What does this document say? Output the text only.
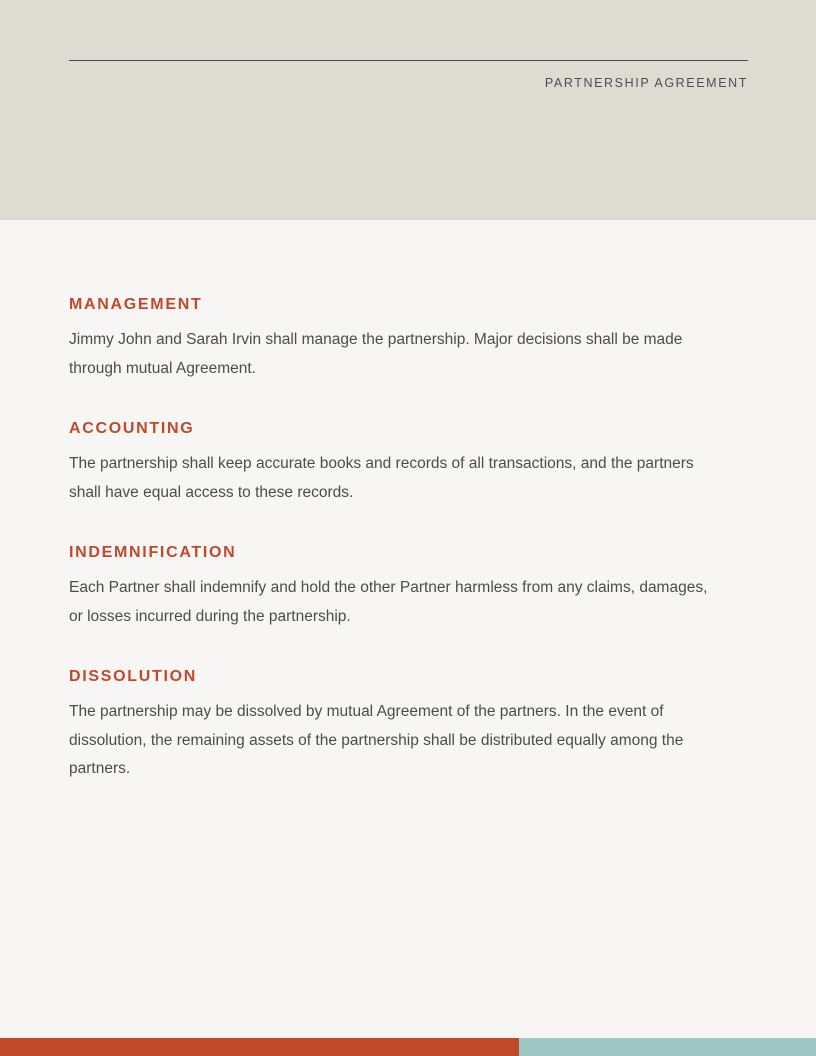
PARTNERSHIP AGREEMENT
MANAGEMENT

Jimmy John and Sarah Irvin shall manage the partnership. Major decisions shall be made through mutual Agreement.

ACCOUNTING

The partnership shall keep accurate books and records of all transactions, and the partners shall have equal access to these records.

INDEMNIFICATION

Each Partner shall indemnify and hold the other Partner harmless from any claims, damages, or losses incurred during the partnership.

DISSOLUTION

The partnership may be dissolved by mutual Agreement of the partners. In the event of dissolution, the remaining assets of the partnership shall be distributed equally among the partners.
